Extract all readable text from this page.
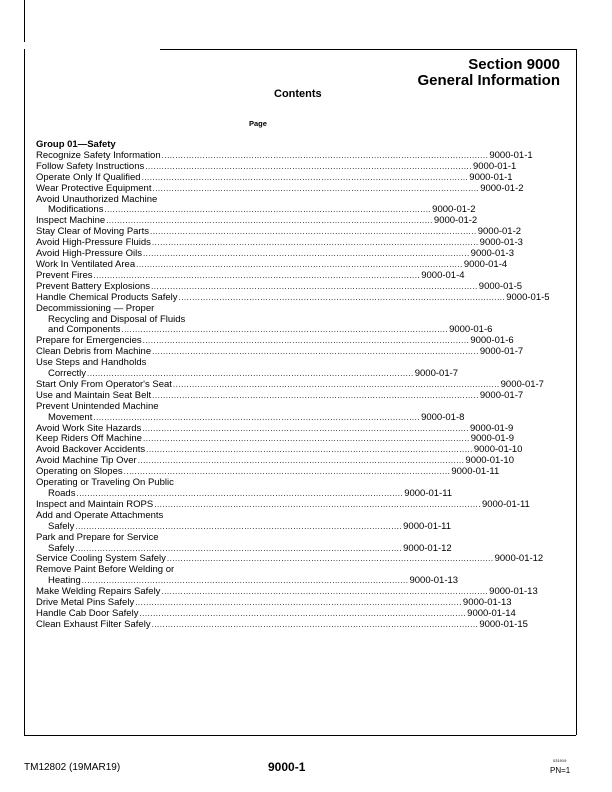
Section 9000
General Information
Contents
Page
Group 01—Safety
Recognize Safety Information ........................................................................................................................ 9000-01-1
Follow Safety Instructions ........................................................................................................................ 9000-01-1
Operate Only If Qualified ........................................................................................................................ 9000-01-1
Wear Protective Equipment ........................................................................................................................ 9000-01-2
Avoid Unauthorized Machine
Modifications ........................................................................................................................ 9000-01-2
Inspect Machine ........................................................................................................................ 9000-01-2
Stay Clear of Moving Parts ........................................................................................................................ 9000-01-2
Avoid High-Pressure Fluids ........................................................................................................................ 9000-01-3
Avoid High-Pressure Oils ........................................................................................................................ 9000-01-3
Work In Ventilated Area ........................................................................................................................ 9000-01-4
Prevent Fires ........................................................................................................................ 9000-01-4
Prevent Battery Explosions ........................................................................................................................ 9000-01-5
Handle Chemical Products Safely ........................................................................................................................ 9000-01-5
Decommissioning — Proper
Recycling and Disposal of Fluids
and Components ........................................................................................................................ 9000-01-6
Prepare for Emergencies ........................................................................................................................ 9000-01-6
Clean Debris from Machine ........................................................................................................................ 9000-01-7
Use Steps and Handholds
Correctly ........................................................................................................................ 9000-01-7
Start Only From Operator's Seat ........................................................................................................................ 9000-01-7
Use and Maintain Seat Belt ........................................................................................................................ 9000-01-7
Prevent Unintended Machine
Movement ........................................................................................................................ 9000-01-8
Avoid Work Site Hazards ........................................................................................................................ 9000-01-9
Keep Riders Off Machine ........................................................................................................................ 9000-01-9
Avoid Backover Accidents ........................................................................................................................ 9000-01-10
Avoid Machine Tip Over ........................................................................................................................ 9000-01-10
Operating on Slopes ........................................................................................................................ 9000-01-11
Operating or Traveling On Public
Roads ........................................................................................................................ 9000-01-11
Inspect and Maintain ROPS ........................................................................................................................ 9000-01-11
Add and Operate Attachments
Safely ........................................................................................................................ 9000-01-11
Park and Prepare for Service
Safely ........................................................................................................................ 9000-01-12
Service Cooling System Safely ........................................................................................................................ 9000-01-12
Remove Paint Before Welding or
Heating ........................................................................................................................ 9000-01-13
Make Welding Repairs Safely ........................................................................................................................ 9000-01-13
Drive Metal Pins Safely ........................................................................................................................ 9000-01-13
Handle Cab Door Safely ........................................................................................................................ 9000-01-14
Clean Exhaust Filter Safely ........................................................................................................................ 9000-01-15
TM12802 (19MAR19)	9000-1	031919
PN=1
